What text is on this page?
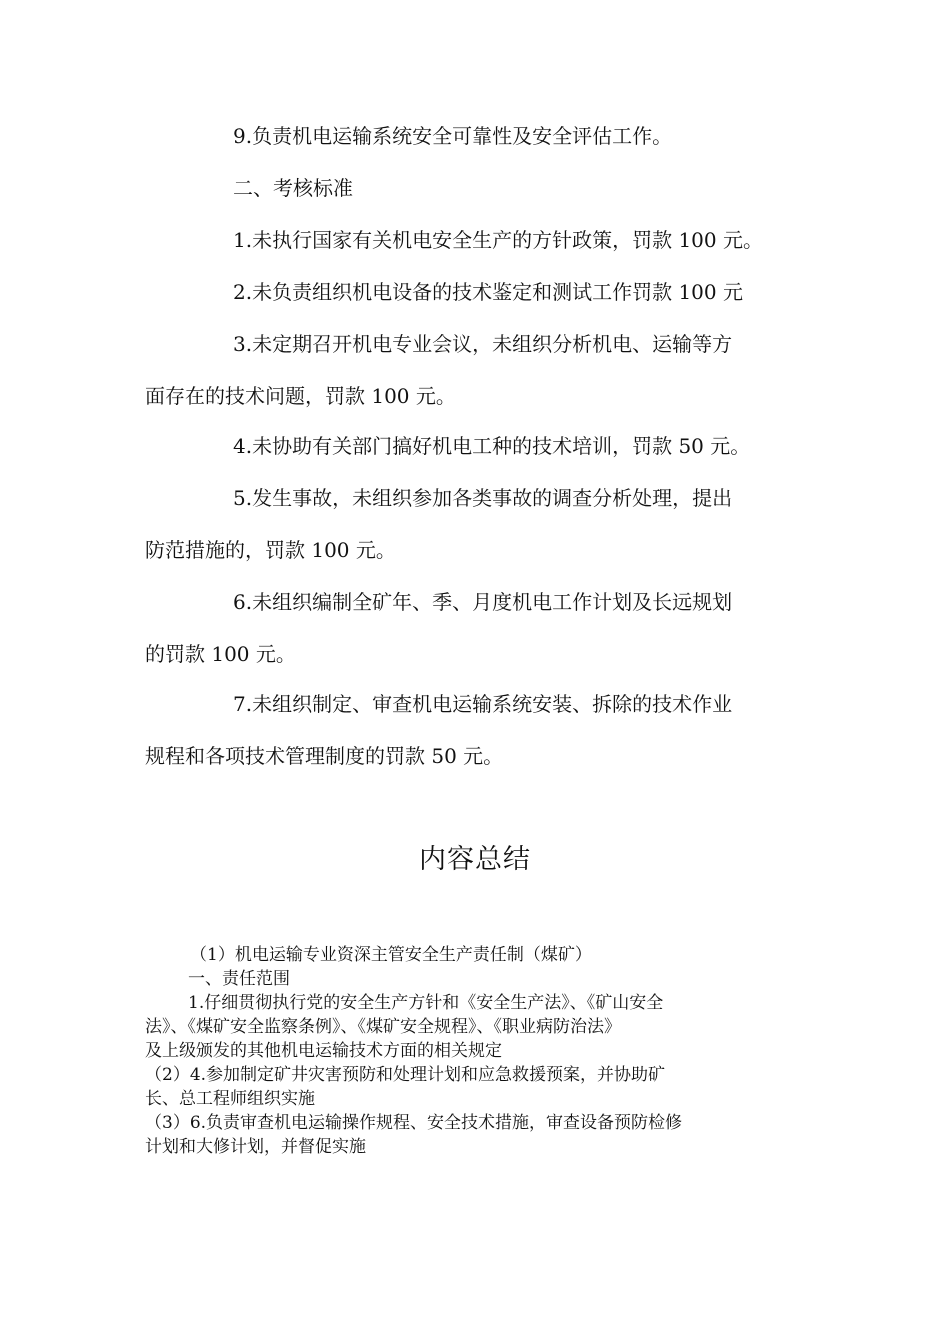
9.负责机电运输系统安全可靠性及安全评估工作。

二、考核标准

1.未执行国家有关机电安全生产的方针政策，罚款 100 元。

2.未负责组织机电设备的技术鉴定和测试工作罚款 100 元

3.未定期召开机电专业会议，未组织分析机电、运输等方

面存在的技术问题，罚款 100 元。

4.未协助有关部门搞好机电工种的技术培训，罚款 50 元。

5.发生事故，未组织参加各类事故的调查分析处理，提出

防范措施的，罚款 100 元。

6.未组织编制全矿年、季、月度机电工作计划及长远规划

的罚款 100 元。

7.未组织制定、审查机电运输系统安装、拆除的技术作业

规程和各项技术管理制度的罚款 50 元。

内容总结

（1）机电运输专业资深主管安全生产责任制（煤矿）

一、责任范围

1.仔细贯彻执行党的安全生产方针和《安全生产法》、《矿山安全

法》、《煤矿安全监察条例》、《煤矿安全规程》、《职业病防治法》

及上级颁发的其他机电运输技术方面的相关规定

（2）4.参加制定矿井灾害预防和处理计划和应急救援预案，并协助矿

长、总工程师组织实施

（3）6.负责审查机电运输操作规程、安全技术措施，审查设备预防检修

计划和大修计划，并督促实施
